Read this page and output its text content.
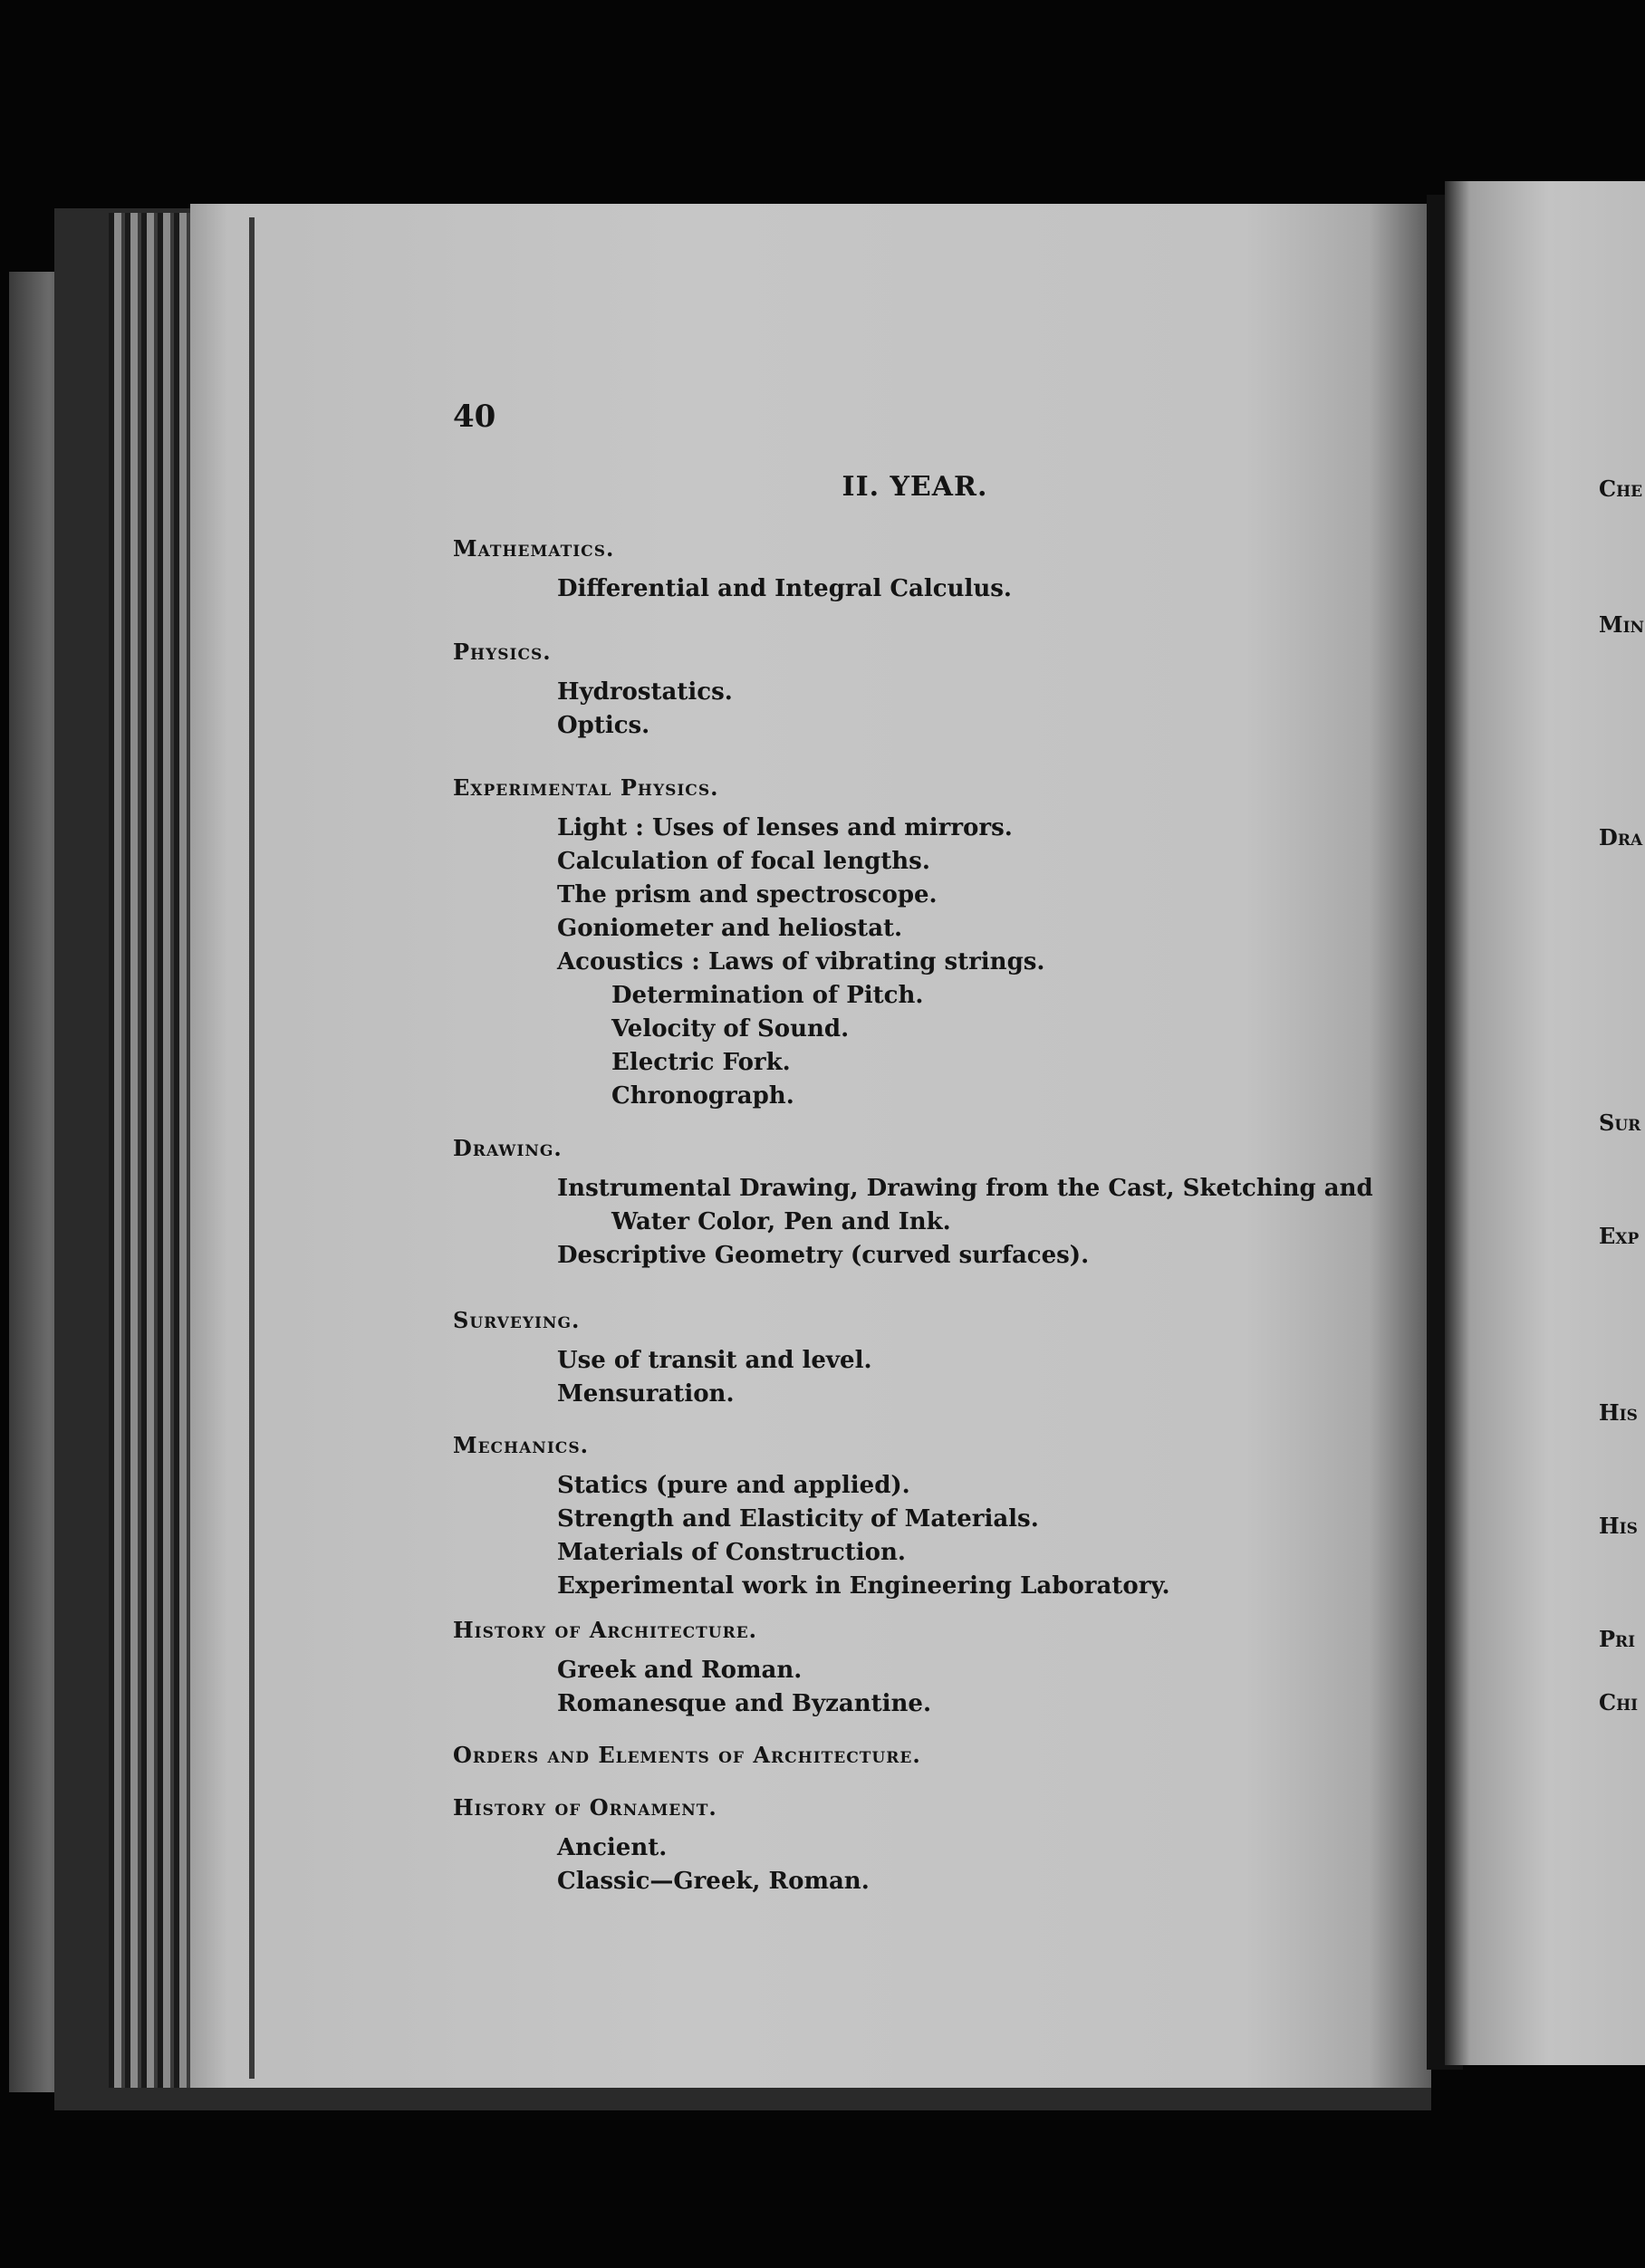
Che
Min
Dra
Sur
Exp
His
His
Pri
Chi
40
II. YEAR.
Mathematics.
Differential and Integral Calculus.
Physics.
Hydrostatics.
Optics.
Experimental Physics.
Light : Uses of lenses and mirrors.
Calculation of focal lengths.
The prism and spectroscope.
Goniometer and heliostat.
Acoustics : Laws of vibrating strings.
Determination of Pitch.
Velocity of Sound.
Electric Fork.
Chronograph.
Drawing.
Instrumental Drawing, Drawing from the Cast, Sketching and
Water Color, Pen and Ink.
Descriptive Geometry (curved surfaces).
Surveying.
Use of transit and level.
Mensuration.
Mechanics.
Statics (pure and applied).
Strength and Elasticity of Materials.
Materials of Construction.
Experimental work in Engineering Laboratory.
History of Architecture.
Greek and Roman.
Romanesque and Byzantine.
Orders and Elements of Architecture.
History of Ornament.
Ancient.
Classic—Greek, Roman.
